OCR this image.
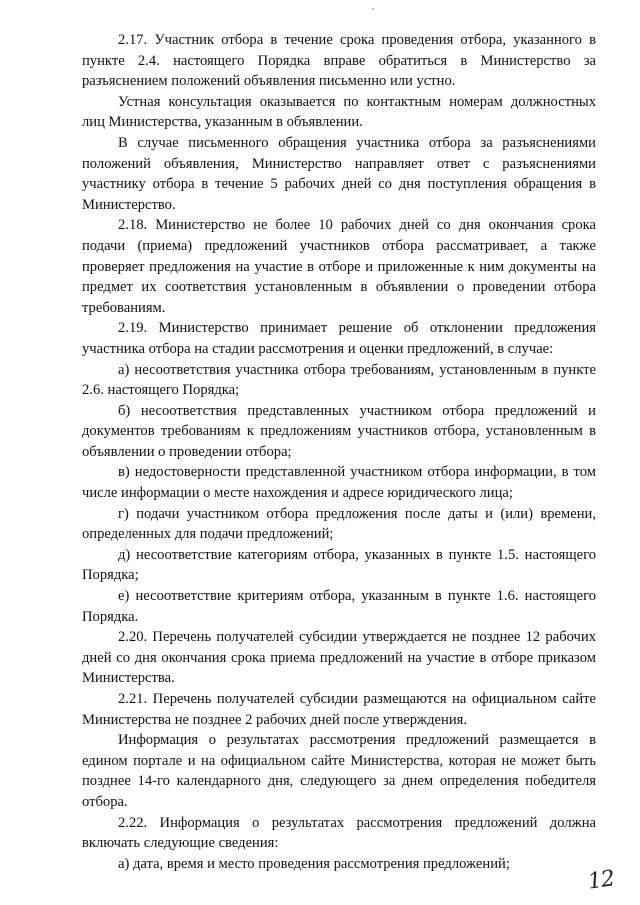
2.17. Участник отбора в течение срока проведения отбора, указанного в пункте 2.4. настоящего Порядка вправе обратиться в Министерство за разъяснением положений объявления письменно или устно.

Устная консультация оказывается по контактным номерам должностных лиц Министерства, указанным в объявлении.

В случае письменного обращения участника отбора за разъяснениями положений объявления, Министерство направляет ответ с разъяснениями участнику отбора в течение 5 рабочих дней со дня поступления обращения в Министерство.

2.18. Министерство не более 10 рабочих дней со дня окончания срока подачи (приема) предложений участников отбора рассматривает, а также проверяет предложения на участие в отборе и приложенные к ним документы на предмет их соответствия установленным в объявлении о проведении отбора требованиям.

2.19. Министерство принимает решение об отклонении предложения участника отбора на стадии рассмотрения и оценки предложений, в случае:

а) несоответствия участника отбора требованиям, установленным в пункте 2.6. настоящего Порядка;

б) несоответствия представленных участником отбора предложений и документов требованиям к предложениям участников отбора, установленным в объявлении о проведении отбора;

в) недостоверности представленной участником отбора информации, в том числе информации о месте нахождения и адресе юридического лица;

г) подачи участником отбора предложения после даты и (или) времени, определенных для подачи предложений;

д) несоответствие категориям отбора, указанных в пункте 1.5. настоящего Порядка;

е) несоответствие критериям отбора, указанным в пункте 1.6. настоящего Порядка.

2.20. Перечень получателей субсидии утверждается не позднее 12 рабочих дней со дня окончания срока приема предложений на участие в отборе приказом Министерства.

2.21. Перечень получателей субсидии размещаются на официальном сайте Министерства не позднее 2 рабочих дней после утверждения.

Информация о результатах рассмотрения предложений размещается в едином портале и на официальном сайте Министерства, которая не может быть позднее 14-го календарного дня, следующего за днем определения победителя отбора.

2.22. Информация о результатах рассмотрения предложений должна включать следующие сведения:

а) дата, время и место проведения рассмотрения предложений;

12
